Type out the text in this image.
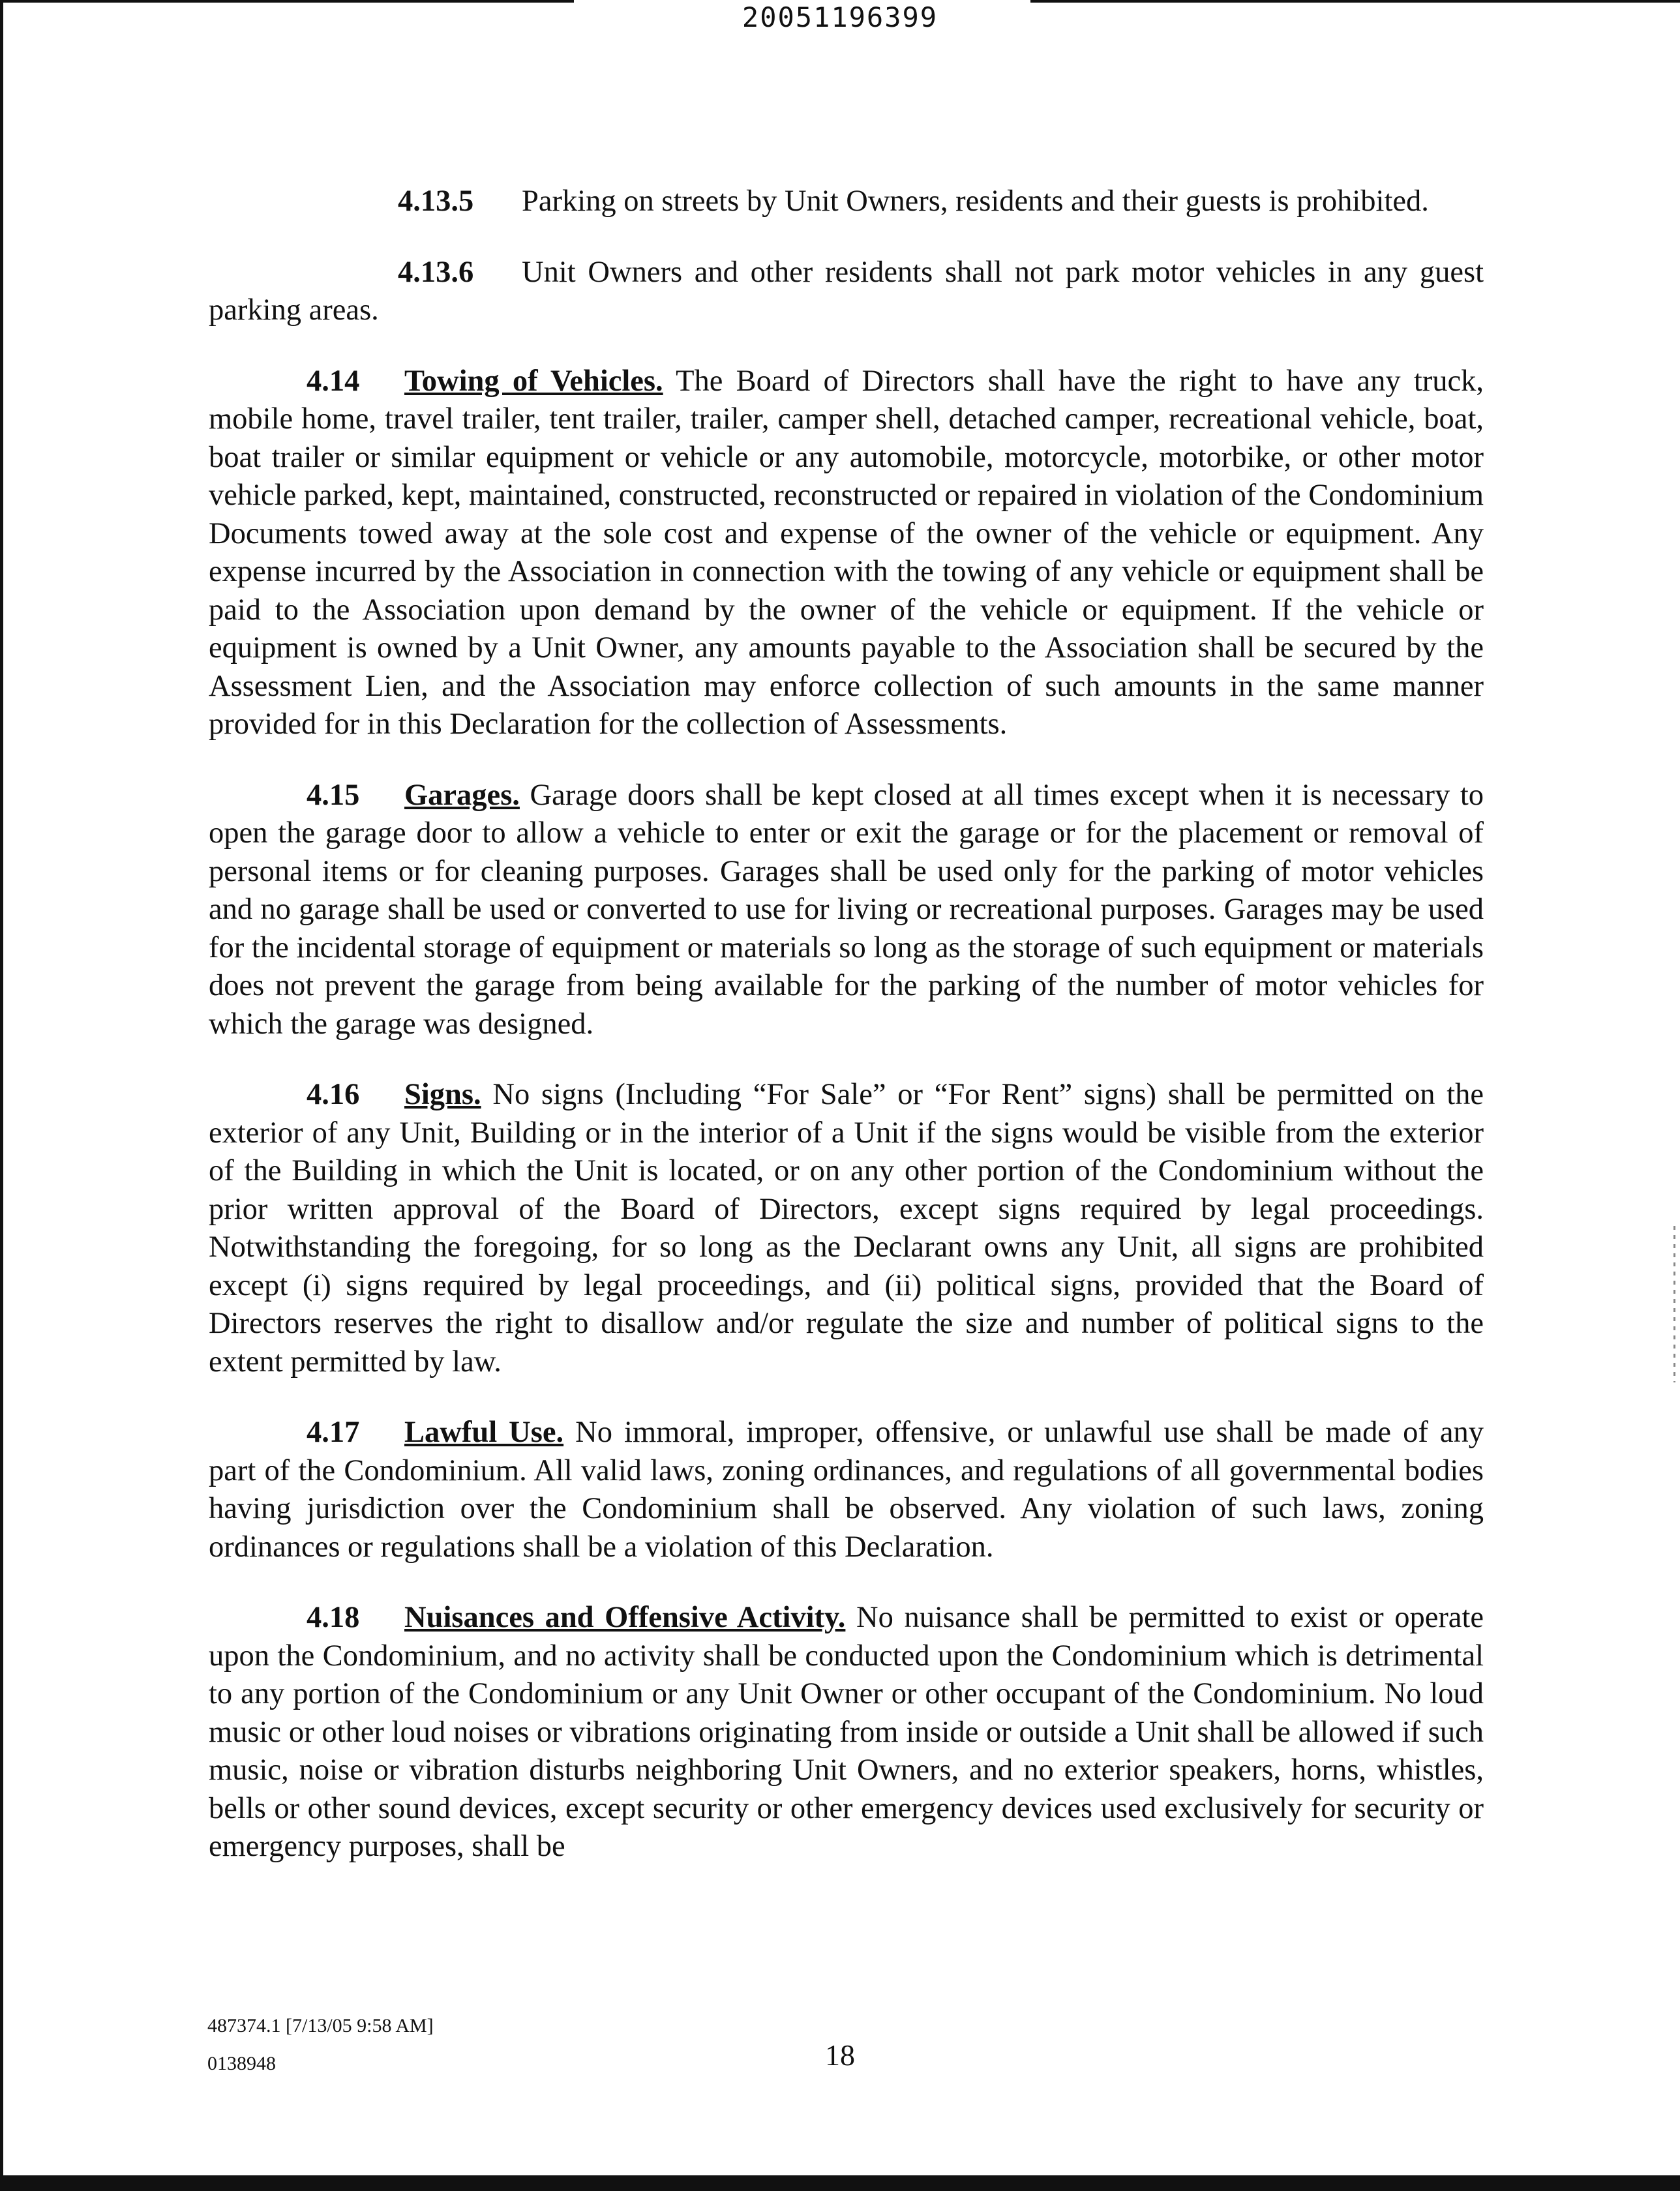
20051196399

4.13.5 Parking on streets by Unit Owners, residents and their guests is prohibited.

4.13.6 Unit Owners and other residents shall not park motor vehicles in any guest parking areas.

4.14 Towing of Vehicles. The Board of Directors shall have the right to have any truck, mobile home, travel trailer, tent trailer, trailer, camper shell, detached camper, recreational vehicle, boat, boat trailer or similar equipment or vehicle or any automobile, motorcycle, motorbike, or other motor vehicle parked, kept, maintained, constructed, reconstructed or repaired in violation of the Condominium Documents towed away at the sole cost and expense of the owner of the vehicle or equipment. Any expense incurred by the Association in connection with the towing of any vehicle or equipment shall be paid to the Association upon demand by the owner of the vehicle or equipment. If the vehicle or equipment is owned by a Unit Owner, any amounts payable to the Association shall be secured by the Assessment Lien, and the Association may enforce collection of such amounts in the same manner provided for in this Declaration for the collection of Assessments.

4.15 Garages. Garage doors shall be kept closed at all times except when it is necessary to open the garage door to allow a vehicle to enter or exit the garage or for the placement or removal of personal items or for cleaning purposes. Garages shall be used only for the parking of motor vehicles and no garage shall be used or converted to use for living or recreational purposes. Garages may be used for the incidental storage of equipment or materials so long as the storage of such equipment or materials does not prevent the garage from being available for the parking of the number of motor vehicles for which the garage was designed.

4.16 Signs. No signs (Including “For Sale” or “For Rent” signs) shall be permitted on the exterior of any Unit, Building or in the interior of a Unit if the signs would be visible from the exterior of the Building in which the Unit is located, or on any other portion of the Condominium without the prior written approval of the Board of Directors, except signs required by legal proceedings. Notwithstanding the foregoing, for so long as the Declarant owns any Unit, all signs are prohibited except (i) signs required by legal proceedings, and (ii) political signs, provided that the Board of Directors reserves the right to disallow and/or regulate the size and number of political signs to the extent permitted by law.

4.17 Lawful Use. No immoral, improper, offensive, or unlawful use shall be made of any part of the Condominium. All valid laws, zoning ordinances, and regulations of all governmental bodies having jurisdiction over the Condominium shall be observed. Any violation of such laws, zoning ordinances or regulations shall be a violation of this Declaration.

4.18 Nuisances and Offensive Activity. No nuisance shall be permitted to exist or operate upon the Condominium, and no activity shall be conducted upon the Condominium which is detrimental to any portion of the Condominium or any Unit Owner or other occupant of the Condominium. No loud music or other loud noises or vibrations originating from inside or outside a Unit shall be allowed if such music, noise or vibration disturbs neighboring Unit Owners, and no exterior speakers, horns, whistles, bells or other sound devices, except security or other emergency devices used exclusively for security or emergency purposes, shall be

487374.1 [7/13/05 9:58 AM]
0138948	18
